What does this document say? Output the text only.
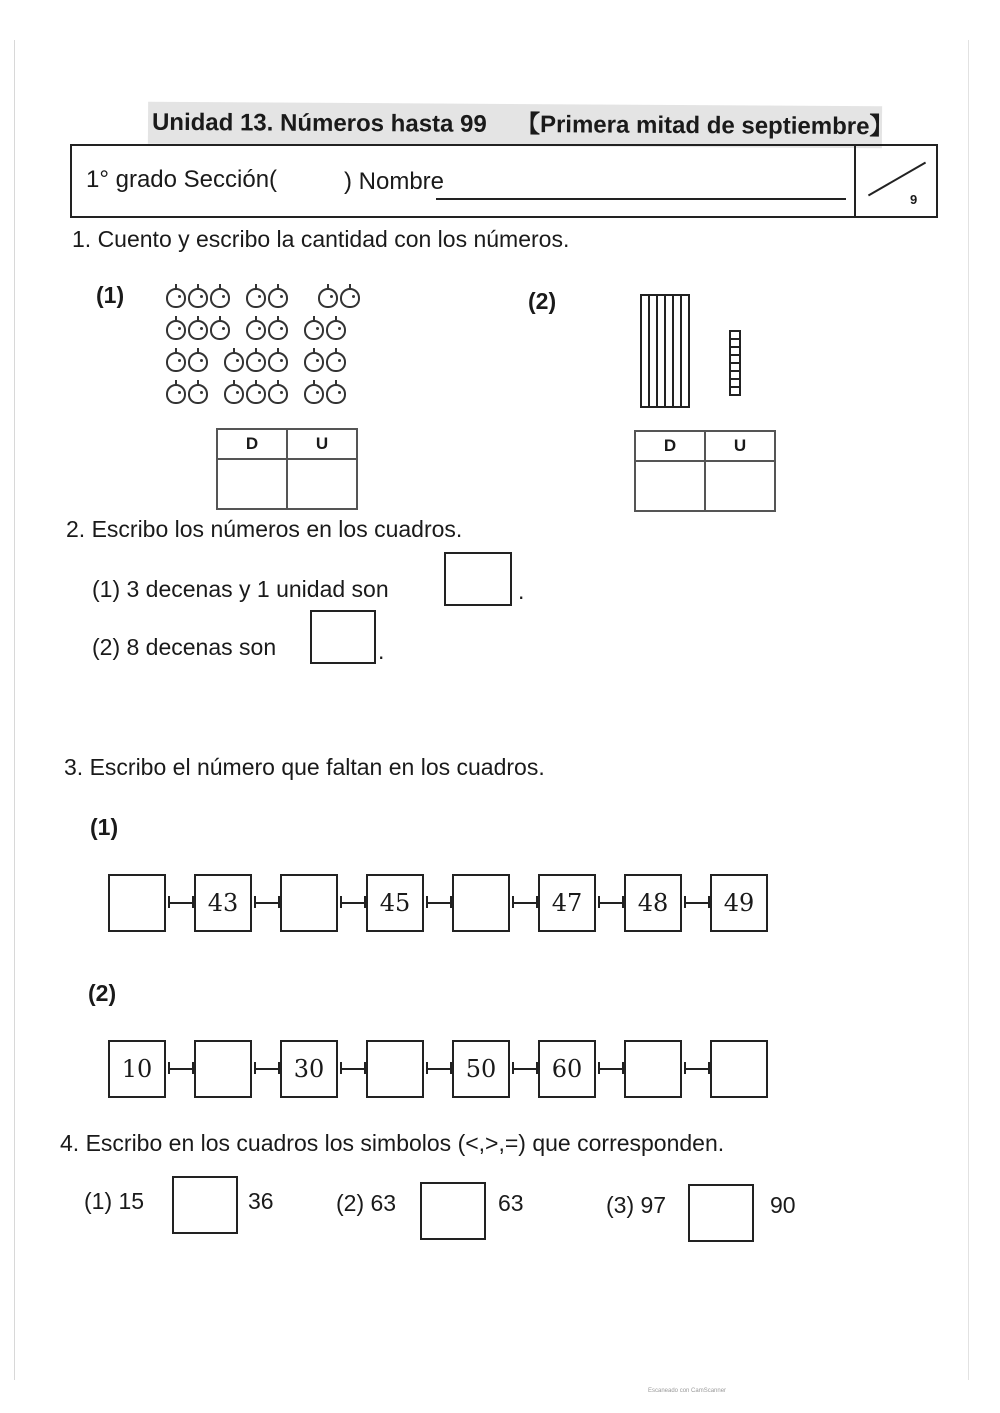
Unidad 13. Números hasta 99 【Primera mitad de septiembre】
1° grado Sección(	) Nombre
9
1. Cuento y escribo la cantidad con los números.
(1)	(2)
D	U
		D	U

2. Escribo los números en los cuadros.
(1) 3 decenas y 1 unidad son	.
(2) 8 decenas son	.
3. Escribo el número que faltan en los cuadros.
(1)
43	45	47	48	49
(2)
10	30	50	60
4. Escribo en los cuadros los simbolos (<,>,=) que corresponden.
(1) 15	36	(2) 63	63	(3) 97	90
Escaneado con CamScanner
